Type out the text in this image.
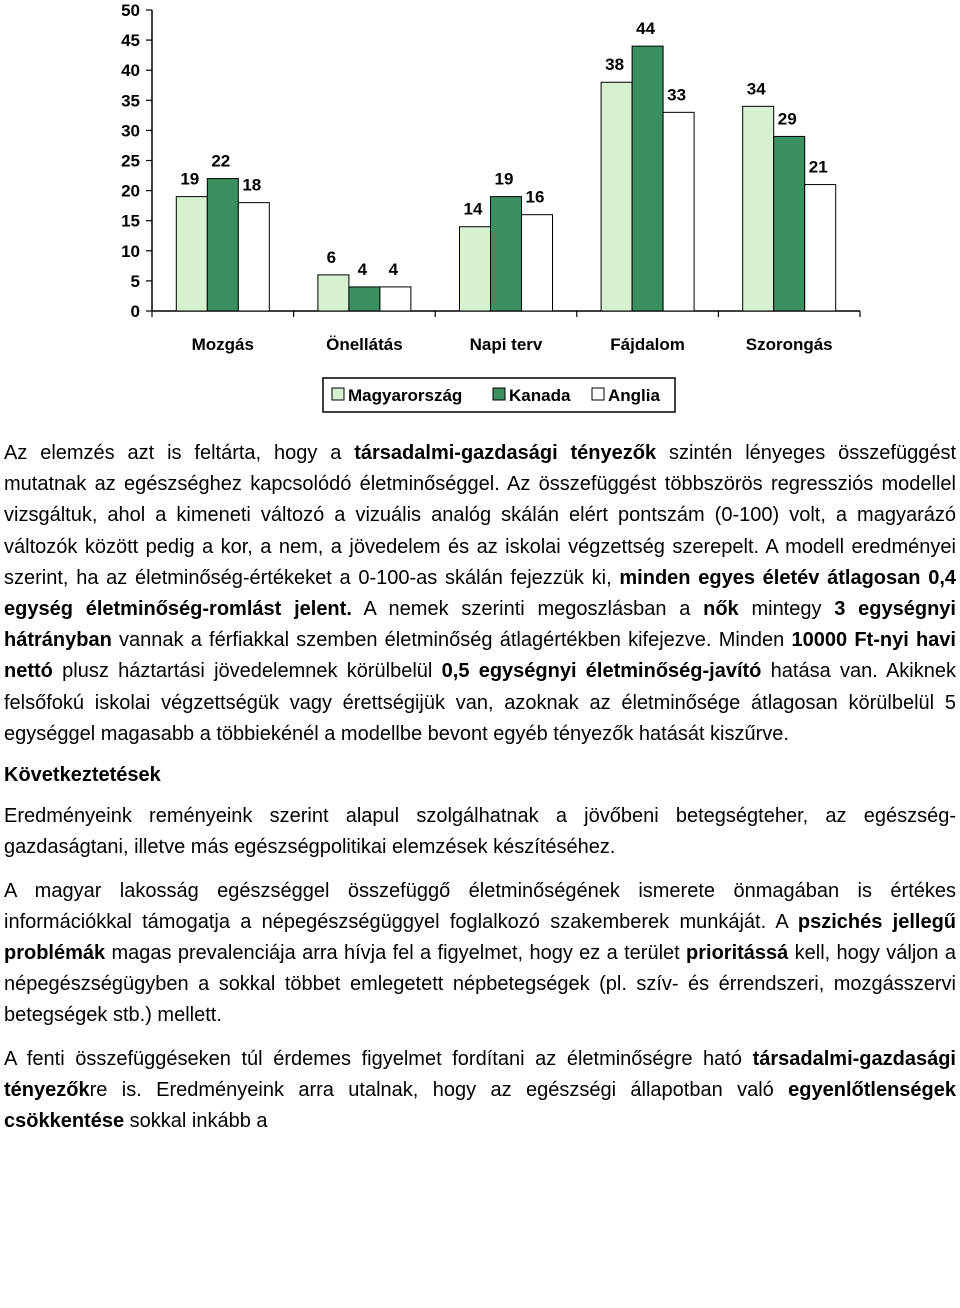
0
5
10
15
20
25
30
35
40
45
50
19
22
18
6
4 4
14
19
16
38
44
33	34
29
21
Mozgás	Önellátás	Napi terv	Fájdalom	Szorongás
Magyarország	Kanada Anglia

Az elemzés azt is feltárta, hogy a társadalmi-gazdasági tényezők szintén lényeges összefüggést mutatnak az egészséghez kapcsolódó életminőséggel. Az összefüggést többszörös regressziós modellel vizsgáltuk, ahol a kimeneti változó a vizuális analóg skálán elért pontszám (0-100) volt, a magyarázó változók között pedig a kor, a nem, a jövedelem és az iskolai végzettség szerepelt. A modell eredményei szerint, ha az életminőség-értékeket a 0-100-as skálán fejezzük ki, minden egyes életév átlagosan 0,4 egység életminőség-romlást jelent. A nemek szerinti megoszlásban a nők mintegy 3 egységnyi hátrányban vannak a férfiakkal szemben életminőség átlagértékben kifejezve. Minden 10000 Ft-nyi havi nettó plusz háztartási jövedelemnek körülbelül 0,5 egységnyi életminőség-javító hatása van. Akiknek felsőfokú iskolai végzettségük vagy érettségijük van, azoknak az életminősége átlagosan körülbelül 5 egységgel magasabb a többiekénél a modellbe bevont egyéb tényezők hatását kiszűrve.

Következtetések

Eredményeink reményeink szerint alapul szolgálhatnak a jövőbeni betegségteher, az egészség-gazdaságtani, illetve más egészségpolitikai elemzések készítéséhez.

A magyar lakosság egészséggel összefüggő életminőségének ismerete önmagában is értékes információkkal támogatja a népegészségüggyel foglalkozó szakemberek munkáját. A pszichés jellegű problémák magas prevalenciája arra hívja fel a figyelmet, hogy ez a terület prioritássá kell, hogy váljon a népegészségügyben a sokkal többet emlegetett népbetegségek (pl. szív- és érrendszeri, mozgásszervi betegségek stb.) mellett.

A fenti összefüggéseken túl érdemes figyelmet fordítani az életminőségre ható társadalmi-gazdasági tényezőkre is. Eredményeink arra utalnak, hogy az egészségi állapotban való egyenlőtlenségek csökkentése sokkal inkább a
